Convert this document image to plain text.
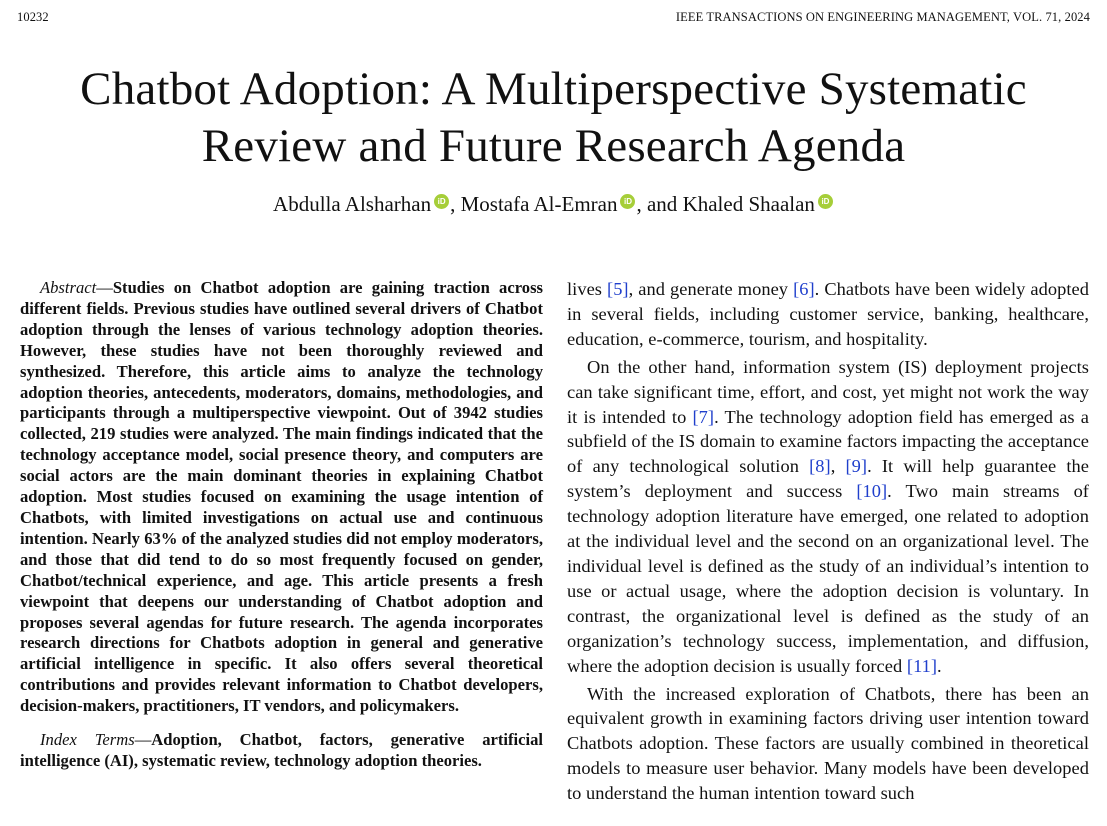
10232	IEEE TRANSACTIONS ON ENGINEERING MANAGEMENT, VOL. 71, 2024
Chatbot Adoption: A Multiperspective Systematic Review and Future Research Agenda
Abdulla Alsharhan iD , Mostafa Al-Emran iD , and Khaled Shaalan iD

Abstract—Studies on Chatbot adoption are gaining traction across different fields. Previous studies have outlined several drivers of Chatbot adoption through the lenses of various technology adoption theories. However, these studies have not been thoroughly reviewed and synthesized. Therefore, this article aims to analyze the technology adoption theories, antecedents, moderators, domains, methodologies, and participants through a multiperspective viewpoint. Out of 3942 studies collected, 219 studies were analyzed. The main findings indicated that the technology acceptance model, social presence theory, and computers are social actors are the main dominant theories in explaining Chatbot adoption. Most studies focused on examining the usage intention of Chatbots, with limited investigations on actual use and continuous intention. Nearly 63% of the analyzed studies did not employ moderators, and those that did tend to do so most frequently focused on gender, Chatbot/technical experience, and age. This article presents a fresh viewpoint that deepens our understanding of Chatbot adoption and proposes several agendas for future research. The agenda incorporates research directions for Chatbots adoption in general and generative artificial intelligence in specific. It also offers several theoretical contributions and provides relevant information to Chatbot developers, decision-makers, practitioners, IT vendors, and policymakers.

Index Terms—Adoption, Chatbot, factors, generative artificial intelligence (AI), systematic review, technology adoption theories.

lives [5], and generate money [6]. Chatbots have been widely adopted in several fields, including customer service, banking, healthcare, education, e-commerce, tourism, and hospitality.

On the other hand, information system (IS) deployment projects can take significant time, effort, and cost, yet might not work the way it is intended to [7]. The technology adoption field has emerged as a subfield of the IS domain to examine factors impacting the acceptance of any technological solution [8], [9]. It will help guarantee the system’s deployment and success [10]. Two main streams of technology adoption literature have emerged, one related to adoption at the individual level and the second on an organizational level. The individual level is defined as the study of an individual’s intention to use or actual usage, where the adoption decision is voluntary. In contrast, the organizational level is defined as the study of an organization’s technology success, implementation, and diffusion, where the adoption decision is usually forced [11].

With the increased exploration of Chatbots, there has been an equivalent growth in examining factors driving user intention toward Chatbots adoption. These factors are usually combined in theoretical models to measure user behavior. Many models have been developed to understand the human intention toward such
